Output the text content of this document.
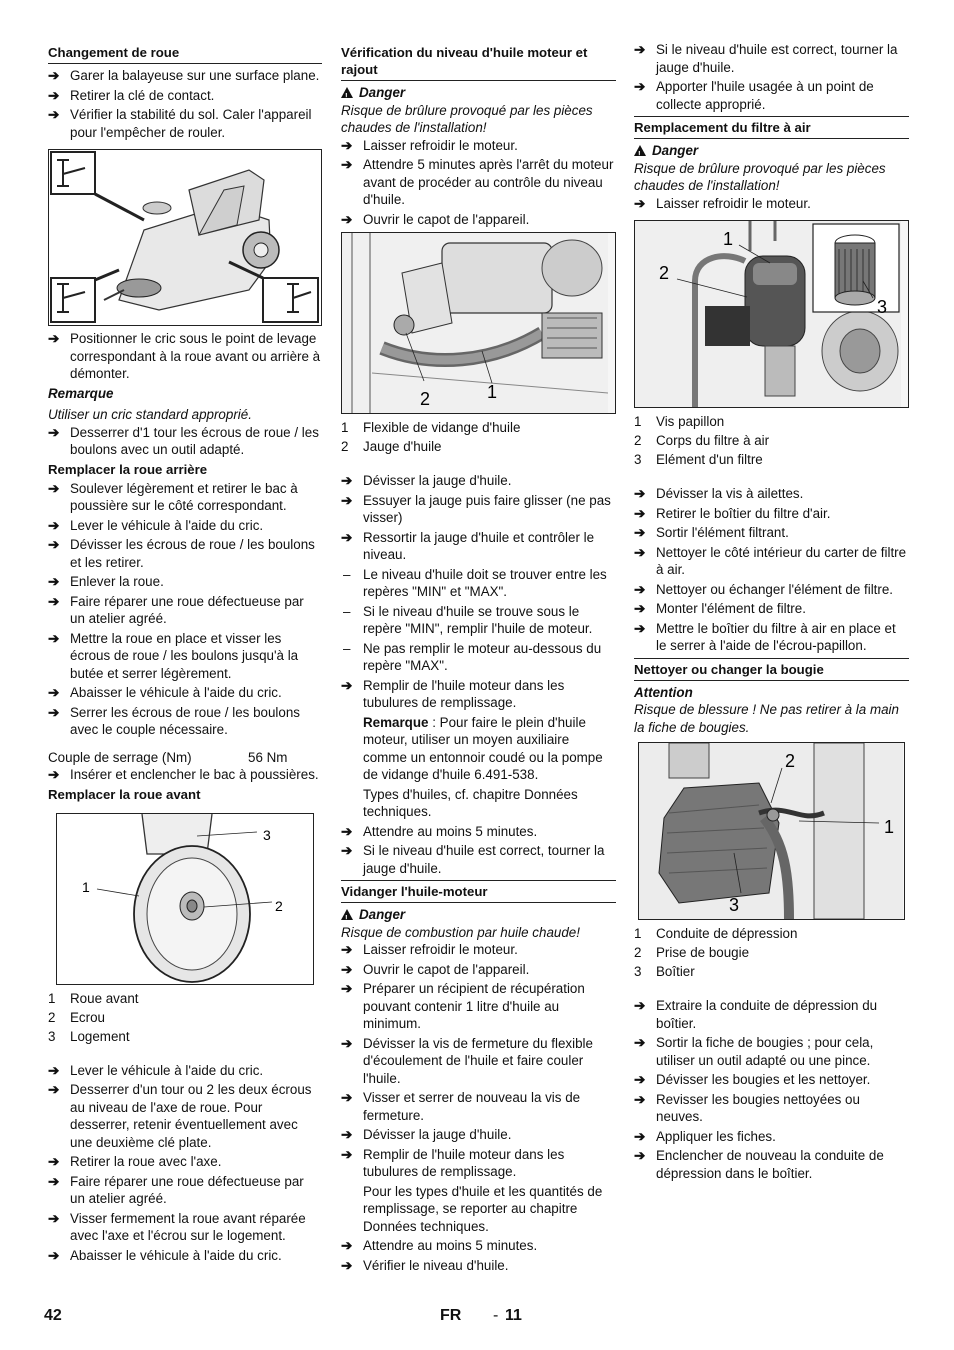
Changement de roue
➔ Garer la balayeuse sur une surface plane.
➔ Retirer la clé de contact.
➔ Vérifier la stabilité du sol. Caler l'appareil pour l'empêcher de rouler.
➔ Positionner le cric sous le point de levage correspondant à la roue avant ou arrière à démonter.
Remarque
Utiliser un cric standard approprié.
➔ Desserrer d'1 tour les écrous de roue / les boulons avec un outil adapté.
Remplacer la roue arrière
➔ Soulever légèrement et retirer le bac à poussière sur le côté correspondant.
➔ Lever le véhicule à l'aide du cric.
➔ Dévisser les écrous de roue / les boulons et les retirer.
➔ Enlever la roue.
➔ Faire réparer une roue défectueuse par un atelier agréé.
➔ Mettre la roue en place et visser les écrous de roue / les boulons jusqu'à la butée et serrer légèrement.
➔ Abaisser le véhicule à l'aide du cric.
➔ Serrer les écrous de roue / les boulons avec le couple nécessaire.
Couple de serrage (Nm)	56 Nm
➔ Insérer et enclencher le bac à poussières.
Remplacer la roue avant
1
2
3
1 Roue avant
2 Ecrou
3 Logement
➔ Lever le véhicule à l'aide du cric.
➔ Desserrer d'un tour ou 2 les deux écrous au niveau de l'axe de roue. Pour desserrer, retenir éventuellement avec une deuxième clé plate.
➔ Retirer la roue avec l'axe.
➔ Faire réparer une roue défectueuse par un atelier agréé.
➔ Visser fermement la roue avant réparée avec l'axe et l'écrou sur le logement.
➔ Abaisser le véhicule à l'aide du cric.
Vérification du niveau d'huile moteur et rajout
!Danger
Risque de brûlure provoqué par les pièces chaudes de l'installation!
➔ Laisser refroidir le moteur.
➔ Attendre 5 minutes après l'arrêt du moteur avant de procéder au contrôle du niveau d'huile.
➔ Ouvrir le capot de l'appareil.
1
2
1 Flexible de vidange d'huile
2 Jauge d'huile
➔ Dévisser la jauge d'huile.
➔ Essuyer la jauge puis faire glisser (ne pas visser)
➔ Ressortir la jauge d'huile et contrôler le niveau.
– Le niveau d'huile doit se trouver entre les repères "MIN" et "MAX".
– Si le niveau d'huile se trouve sous le repère "MIN", remplir l'huile de moteur.
– Ne pas remplir le moteur au-dessous du repère "MAX".
➔ Remplir de l'huile moteur dans les tubulures de remplissage.
Remarque : Pour faire le plein d'huile moteur, utiliser un moyen auxiliaire comme un entonnoir coudé ou la pompe de vidange d'huile 6.491-538.
Types d'huiles, cf. chapitre Données techniques.
➔ Attendre au moins 5 minutes.
➔ Si le niveau d'huile est correct, tourner la jauge d'huile.
Vidanger l'huile-moteur
!Danger
Risque de combustion par huile chaude!
➔ Laisser refroidir le moteur.
➔ Ouvrir le capot de l'appareil.
➔ Préparer un récipient de récupération pouvant contenir 1 litre d'huile au minimum.
➔ Dévisser la vis de fermeture du flexible d'écoulement de l'huile et faire couler l'huile.
➔ Visser et serrer de nouveau la vis de fermeture.
➔ Dévisser la jauge d'huile.
➔ Remplir de l'huile moteur dans les tubulures de remplissage.
Pour les types d'huile et les quantités de remplissage, se reporter au chapitre Données techniques.
➔ Attendre au moins 5 minutes.
➔ Vérifier le niveau d'huile.
➔ Si le niveau d'huile est correct, tourner la jauge d'huile.
➔ Apporter l'huile usagée à un point de collecte approprié.
Remplacement du filtre à air
!Danger
Risque de brûlure provoqué par les pièces chaudes de l'installation!
➔ Laisser refroidir le moteur.
1
2
3
1 Vis papillon
2 Corps du filtre à air
3 Elément d'un filtre
➔ Dévisser la vis à ailettes.
➔ Retirer le boîtier du filtre d'air.
➔ Sortir l'élément filtrant.
➔ Nettoyer le côté intérieur du carter de filtre à air.
➔ Nettoyer ou échanger l'élément de filtre.
➔ Monter l'élément de filtre.
➔ Mettre le boîtier du filtre à air en place et le serrer à l'aide de l'écrou-papillon.
Nettoyer ou changer la bougie
Attention
Risque de blessure ! Ne pas retirer à la main la fiche de bougies.
2
1
3
1 Conduite de dépression
2 Prise de bougie
3 Boîtier
➔ Extraire la conduite de dépression du boîtier.
➔ Sortir la fiche de bougies ; pour cela, utiliser un outil adapté ou une pince.
➔ Dévisser les bougies et les nettoyer.
➔ Revisser les bougies nettoyées ou neuves.
➔ Appliquer les fiches.
➔ Enclencher de nouveau la conduite de dépression dans le boîtier.
42	FR - 11
